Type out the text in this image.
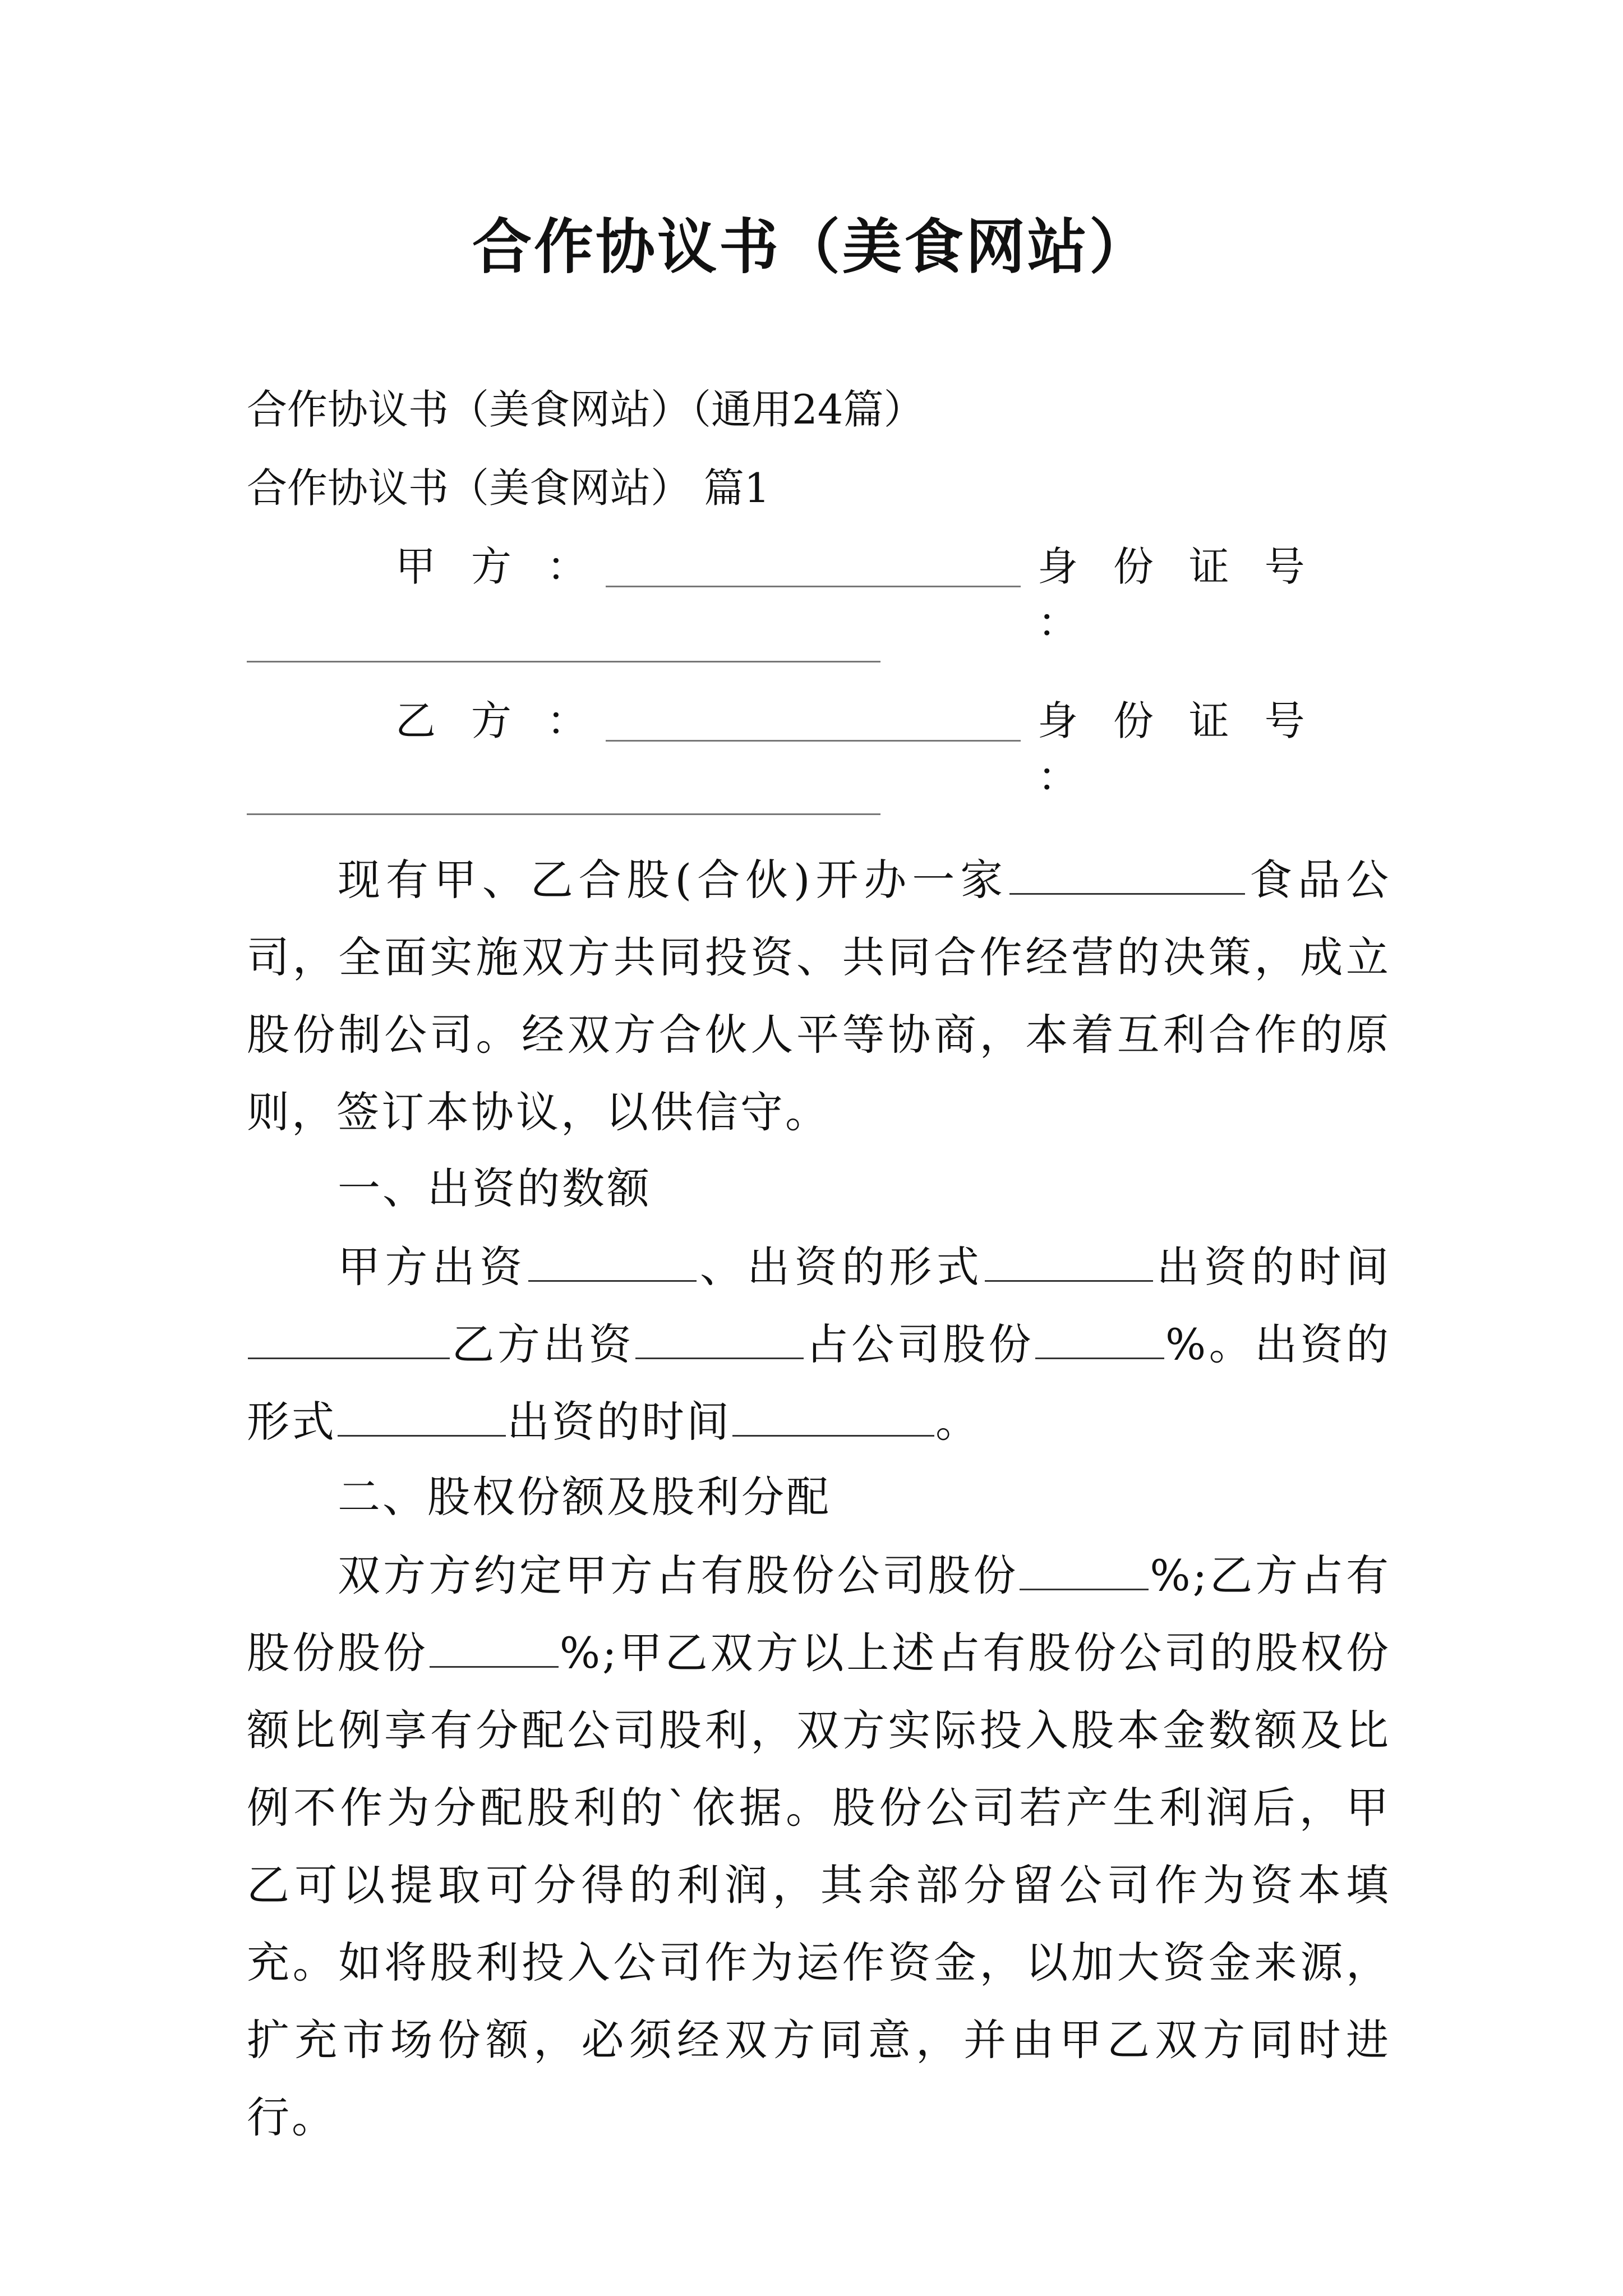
合作协议书（美食网站）
合作协议书（美食网站）（通用24篇）
合作协议书（美食网站） 篇1
甲 方 ：	身 份 证 号 ：
乙 方 ：	身 份 证 号 ：
现有甲、乙合股(合伙)开办一家	食品公司，全面实施双方共同投资、共同合作经营的决策，成立股份制公司。经双方合伙人平等协商，本着互利合作的原则，签订本协议，以供信守。
一、出资的数额
甲方出资	、出资的形式	出资的时间乙方出资	占公司股份	%。出资的形式	出资的时间	。
二、股权份额及股利分配
双方方约定甲方占有股份公司股份	%;乙方占有股份股份	%;甲乙双方以上述占有股份公司的股权份额比例享有分配公司股利，双方实际投入股本金数额及比例不作为分配股利的`依据。股份公司若产生利润后，甲乙可以提取可分得的利润，其余部分留公司作为资本填充。如将股利投入公司作为运作资金，以加大资金来源，扩充市场份额，必须经双方同意，并由甲乙双方同时进行。
